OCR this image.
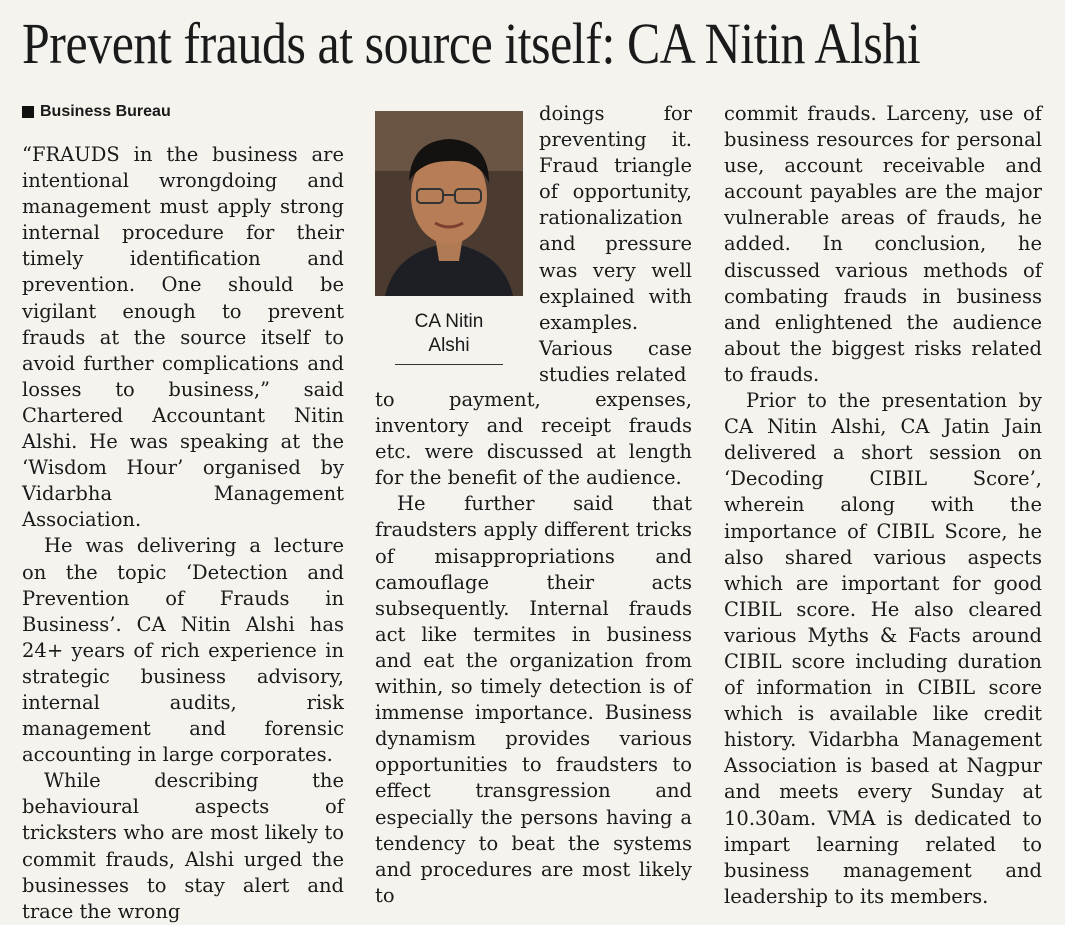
Prevent frauds at source itself: CA Nitin Alshi
Business Bureau

“FRAUDS in the business are intentional wrongdoing and management must apply strong internal procedure for their timely identification and prevention. One should be vigilant enough to prevent frauds at the source itself to avoid further complications and losses to business,” said Chartered Accountant Nitin Alshi. He was speaking at the ‘Wisdom Hour’ organised by Vidarbha Management Association.

He was delivering a lecture on the topic ‘Detection and Prevention of Frauds in Business’. CA Nitin Alshi has 24+ years of rich experience in strategic business advisory, internal audits, risk management and forensic accounting in large corporates.

While describing the behavioural aspects of tricksters who are most likely to commit frauds, Alshi urged the businesses to stay alert and trace the wrong

CA Nitin
Alshi

doings for preventing it. Fraud triangle of opportunity, rationalization and pressure was very well explained with examples. Various case studies related

to payment, expenses, inventory and receipt frauds etc. were discussed at length for the benefit of the audience.

He further said that fraudsters apply different tricks of misappropriations and camouflage their acts subsequently. Internal frauds act like termites in business and eat the organization from within, so timely detection is of immense importance. Business dynamism provides various opportunities to fraudsters to effect transgression and especially the persons having a tendency to beat the systems and procedures are most likely to

commit frauds. Larceny, use of business resources for personal use, account receivable and account payables are the major vulnerable areas of frauds, he added. In conclusion, he discussed various methods of combating frauds in business and enlightened the audience about the biggest risks related to frauds.

Prior to the presentation by CA Nitin Alshi, CA Jatin Jain delivered a short session on ‘Decoding CIBIL Score’, wherein along with the importance of CIBIL Score, he also shared various aspects which are important for good CIBIL score. He also cleared various Myths & Facts around CIBIL score including duration of information in CIBIL score which is available like credit history. Vidarbha Management Association is based at Nagpur and meets every Sunday at 10.30am. VMA is dedicated to impart learning related to business management and leadership to its members.
